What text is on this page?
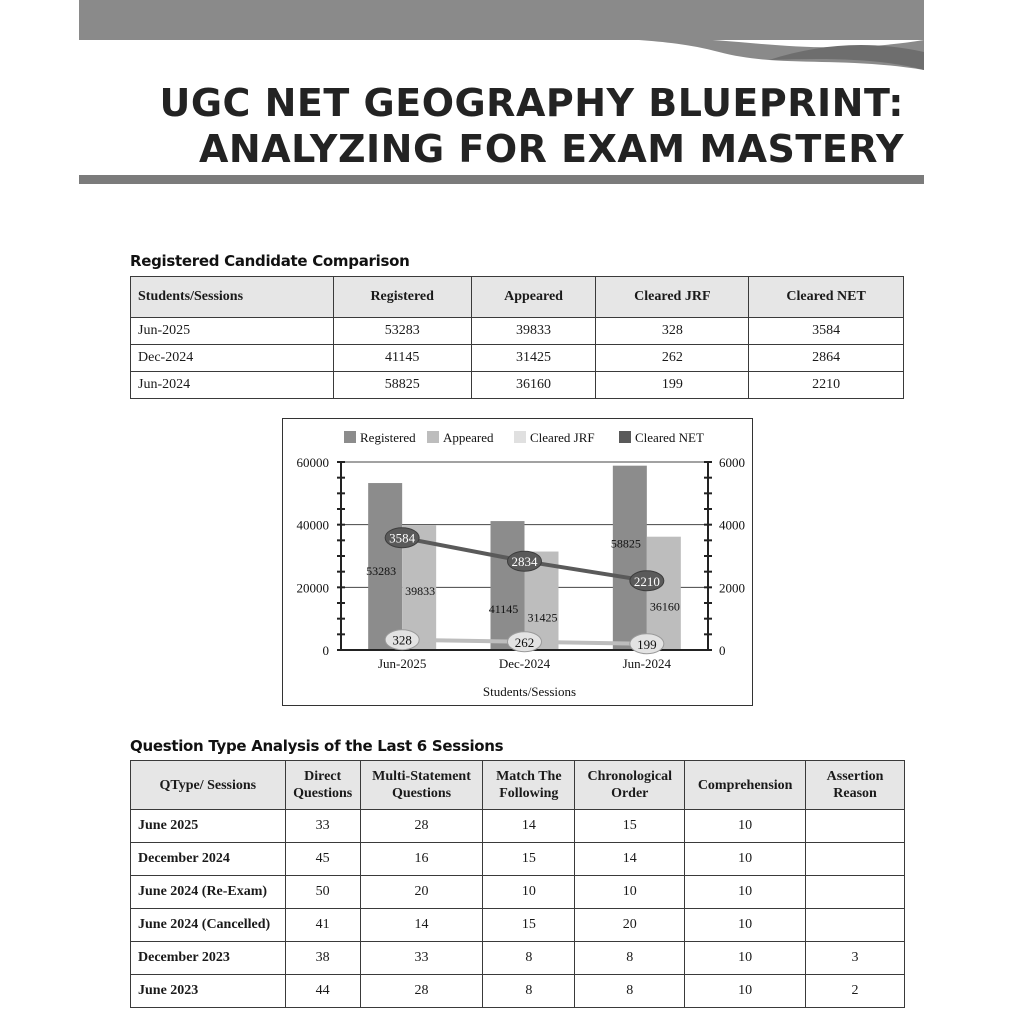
UGC NET GEOGRAPHY BLUEPRINT:
ANALYZING FOR EXAM MASTERY
Registered Candidate Comparison
Students/Sessions	Registered	Appeared	Cleared JRF	Cleared NET
Jun-2025	53283	39833	328	3584
Dec-2024	41145	31425	262	2864
Jun-2024	58825	36160	199	2210
0
20000
40000
60000
0
2000
4000
6000
53283
39833
Jun-2025
41145
31425
Dec-2024
58825
36160
Jun-2024
328	262	199
3584
2834
2210
Students/Sessions
Registered Appeared	Cleared JRF	Cleared NET
Question Type Analysis of the Last 6 Sessions
QType/ Sessions	Direct Questions	Multi-Statement Questions	Match The Following	Chronological Order	Comprehension	Assertion Reason
June 2025	33	28	14	15	10	
December 2024	45	16	15	14	10	
June 2024 (Re-Exam)	50	20	10	10	10	
June 2024 (Cancelled)	41	14	15	20	10	
December 2023	38	33	8	8	10	3
June 2023	44	28	8	8	10	2
